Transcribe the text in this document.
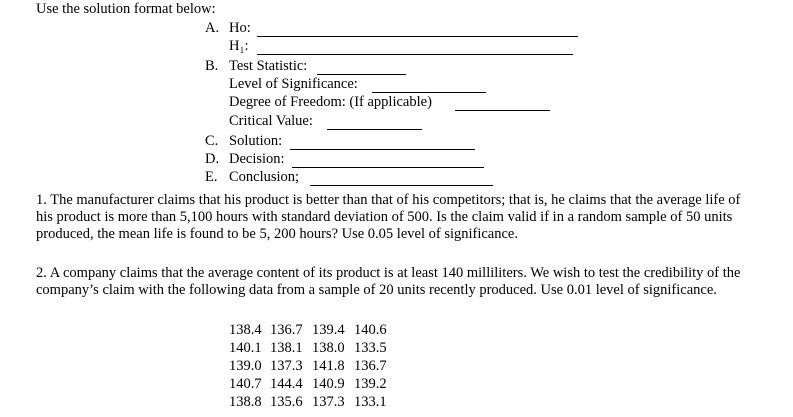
Use the solution format below:
A. Ho:
H₁:
B. Test Statistic:
Level of Significance:
Degree of Freedom: (If applicable)
Critical Value:
C. Solution:
D. Decision:
E. Conclusion;
1. The manufacturer claims that his product is better than that of his competitors; that is, he claims that the average life of his product is more than 5,100 hours with standard deviation of 500. Is the claim valid if in a random sample of 50 units produced, the mean life is found to be 5, 200 hours? Use 0.05 level of significance.
2. A company claims that the average content of its product is at least 140 milliliters. We wish to test the credibility of the company’s claim with the following data from a sample of 20 units recently produced. Use 0.01 level of significance.
138.4 136.7 139.4 140.6
140.1 138.1 138.0 133.5
139.0 137.3 141.8 136.7
140.7 144.4 140.9 139.2
138.8 135.6 137.3 133.1
